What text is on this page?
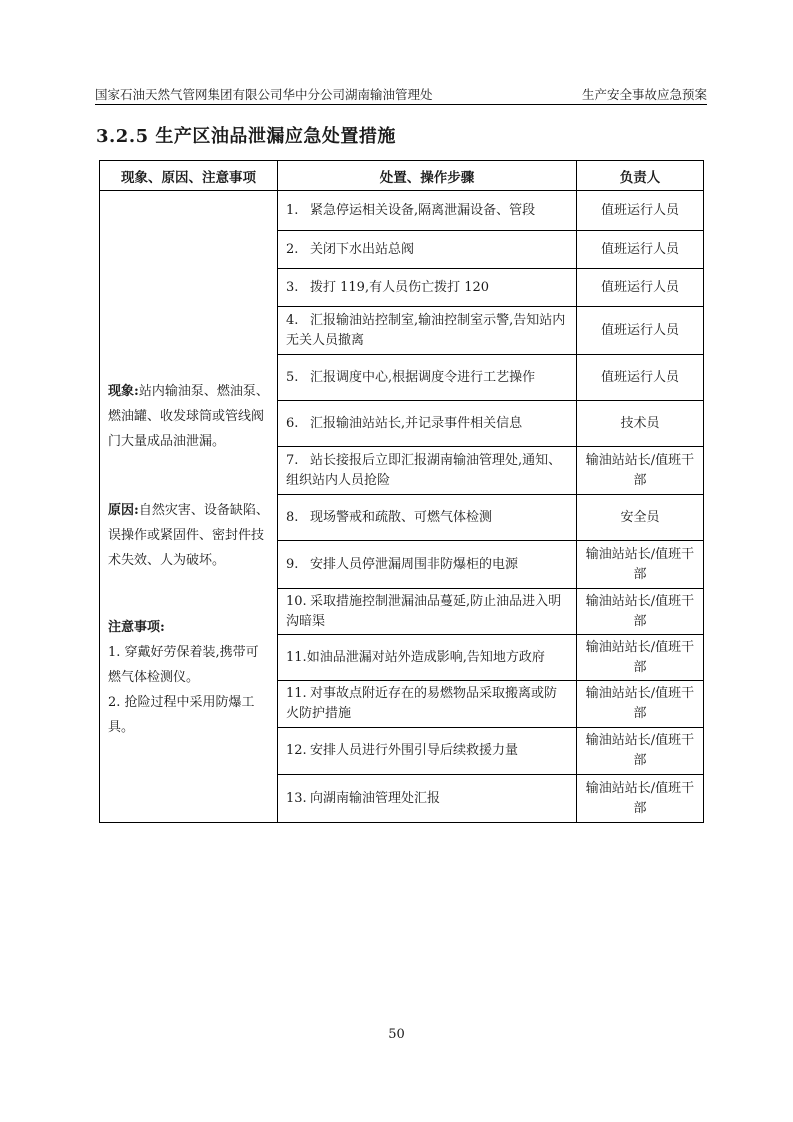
国家石油天然气管网集团有限公司华中分公司湖南输油管理处	生产安全事故应急预案
3.2.5 生产区油品泄漏应急处置措施
现象、原因、注意事项	处置、操作步骤	负责人

现象:站内输油泵、燃油泵、燃油罐、收发球筒或管线阀门大量成品油泄漏。

原因:自然灾害、设备缺陷、误操作或紧固件、密封件技术失效、人为破坏。

注意事项:

1. 穿戴好劳保着装,携带可燃气体检测仪。

2. 抢险过程中采用防爆工具。	1. 紧急停运相关设备,隔离泄漏设备、管段	值班运行人员
	2. 关闭下水出站总阀	值班运行人员
	3. 拨打 119,有人员伤亡拨打 120	值班运行人员
	4. 汇报输油站控制室,输油控制室示警,告知站内无关人员撤离	值班运行人员
	5. 汇报调度中心,根据调度令进行工艺操作	值班运行人员
	6. 汇报输油站站长,并记录事件相关信息	技术员
	7. 站长接报后立即汇报湖南输油管理处,通知、组织站内人员抢险	输油站站长/值班干部
	8. 现场警戒和疏散、可燃气体检测	安全员
	9. 安排人员停泄漏周围非防爆柜的电源	输油站站长/值班干部
	10. 采取措施控制泄漏油品蔓延,防止油品进入明沟暗渠	输油站站长/值班干部
	11.如油品泄漏对站外造成影响,告知地方政府	输油站站长/值班干部
	11. 对事故点附近存在的易燃物品采取搬离或防火防护措施	输油站站长/值班干部
	12. 安排人员进行外围引导后续救援力量	输油站站长/值班干部
	13. 向湖南输油管理处汇报	输油站站长/值班干部
50
